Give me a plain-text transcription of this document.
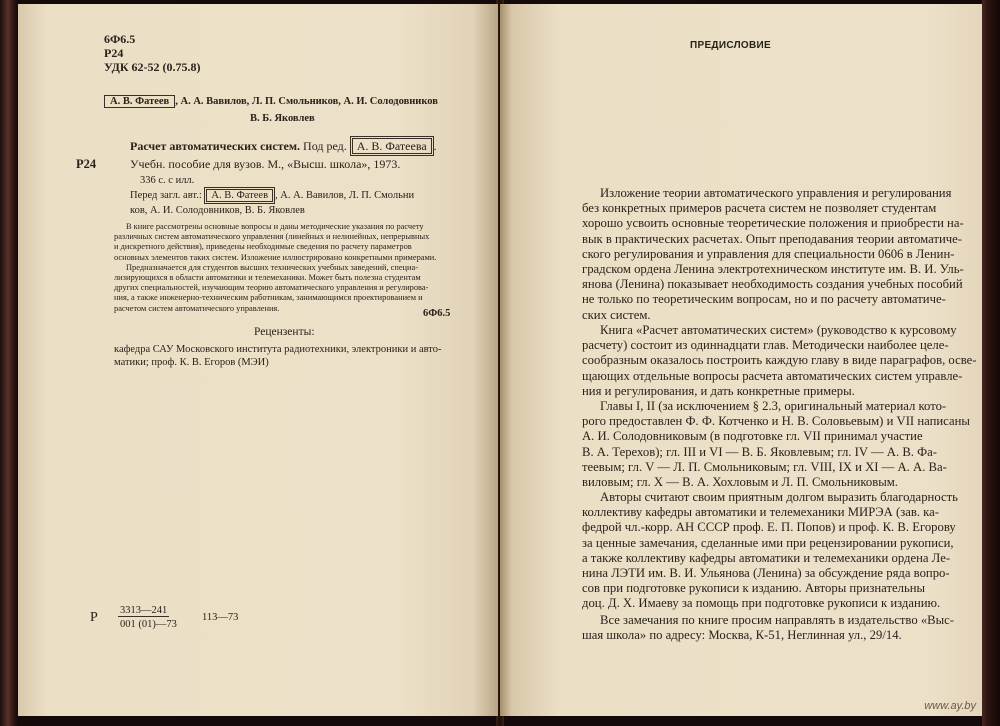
6Ф6.5
Р24
УДК 62-52 (0.75.8)
А. В. Фатеев , А. А. Вавилов, Л. П. Смольников, А. И. Солодовников
В. Б. Яковлев
Расчет автоматических систем. Под ред. А. В. Фатеева .
Р24	Учебн. пособие для вузов. М., «Высш. школа», 1973.
336 с. с илл.
Перед загл. авт.: А. В. Фатеев , А. А. Вавилов, Л. П. Смольни
ков, А. И. Солодовников, В. Б. Яковлев
В книге рассмотрены основные вопросы и даны методические указания по расчету
различных систем автоматического управления (линейных и нелинейных, непрерывных
и дискретного действия), приведены необходимые сведения по расчету параметров
основных элементов таких систем. Изложение иллюстрировано конкретными примерами.
Предназначается для студентов высших технических учебных заведений, специа-
лизирующихся в области автоматики и телемеханики. Может быть полезна студентам
других специальностей, изучающим теорию автоматического управления и регулирова-
ния, а также инженерно-техническим работникам, занимающимся проектированием и
расчетом систем автоматического управления.	6Ф6.5
Рецензенты:
кафедра САУ Московского института радиотехники, электроники и авто-
матики; проф. К. В. Егоров (МЭИ)
Р 3313—241
001 (01)—73
113—73
ПРЕДИСЛОВИЕ
Изложение теории автоматического управления и регулирования
без конкретных примеров расчета систем не позволяет студентам
хорошо усвоить основные теоретические положения и приобрести на-
вык в практических расчетах. Опыт преподавания теории автоматиче-
ского регулирования и управления для специальности 0606 в Ленин-
градском ордена Ленина электротехническом институте им. В. И. Уль-
янова (Ленина) показывает необходимость создания учебных пособий
не только по теоретическим вопросам, но и по расчету автоматиче-
ских систем.
Книга «Расчет автоматических систем» (руководство к курсовому
расчету) состоит из одиннадцати глав. Методически наиболее целе-
сообразным оказалось построить каждую главу в виде параграфов, осве-
щающих отдельные вопросы расчета автоматических систем управле-
ния и регулирования, и дать конкретные примеры.
Главы I, II (за исключением § 2.3, оригинальный материал кото-
рого предоставлен Ф. Ф. Котченко и Н. В. Соловьевым) и VII написаны
А. И. Солодовниковым (в подготовке гл. VII принимал участие
В. А. Терехов); гл. III и VI — В. Б. Яковлевым; гл. IV — А. В. Фа-
теевым; гл. V — Л. П. Смольниковым; гл. VIII, IX и XI — А. А. Ва-
виловым; гл. X — В. А. Хохловым и Л. П. Смольниковым.
Авторы считают своим приятным долгом выразить благодарность
коллективу кафедры автоматики и телемеханики МИРЭА (зав. ка-
федрой чл.-корр. АН СССР проф. Е. П. Попов) и проф. К. В. Егорову
за ценные замечания, сделанные ими при рецензировании рукописи,
а также коллективу кафедры автоматики и телемеханики ордена Ле-
нина ЛЭТИ им. В. И. Ульянова (Ленина) за обсуждение ряда вопро-
сов при подготовке рукописи к изданию. Авторы признательны
доц. Д. Х. Имаеву за помощь при подготовке рукописи к изданию.
Все замечания по книге просим направлять в издательство «Выс-
шая школа» по адресу: Москва, К-51, Неглинная ул., 29/14.
www.ay.by
